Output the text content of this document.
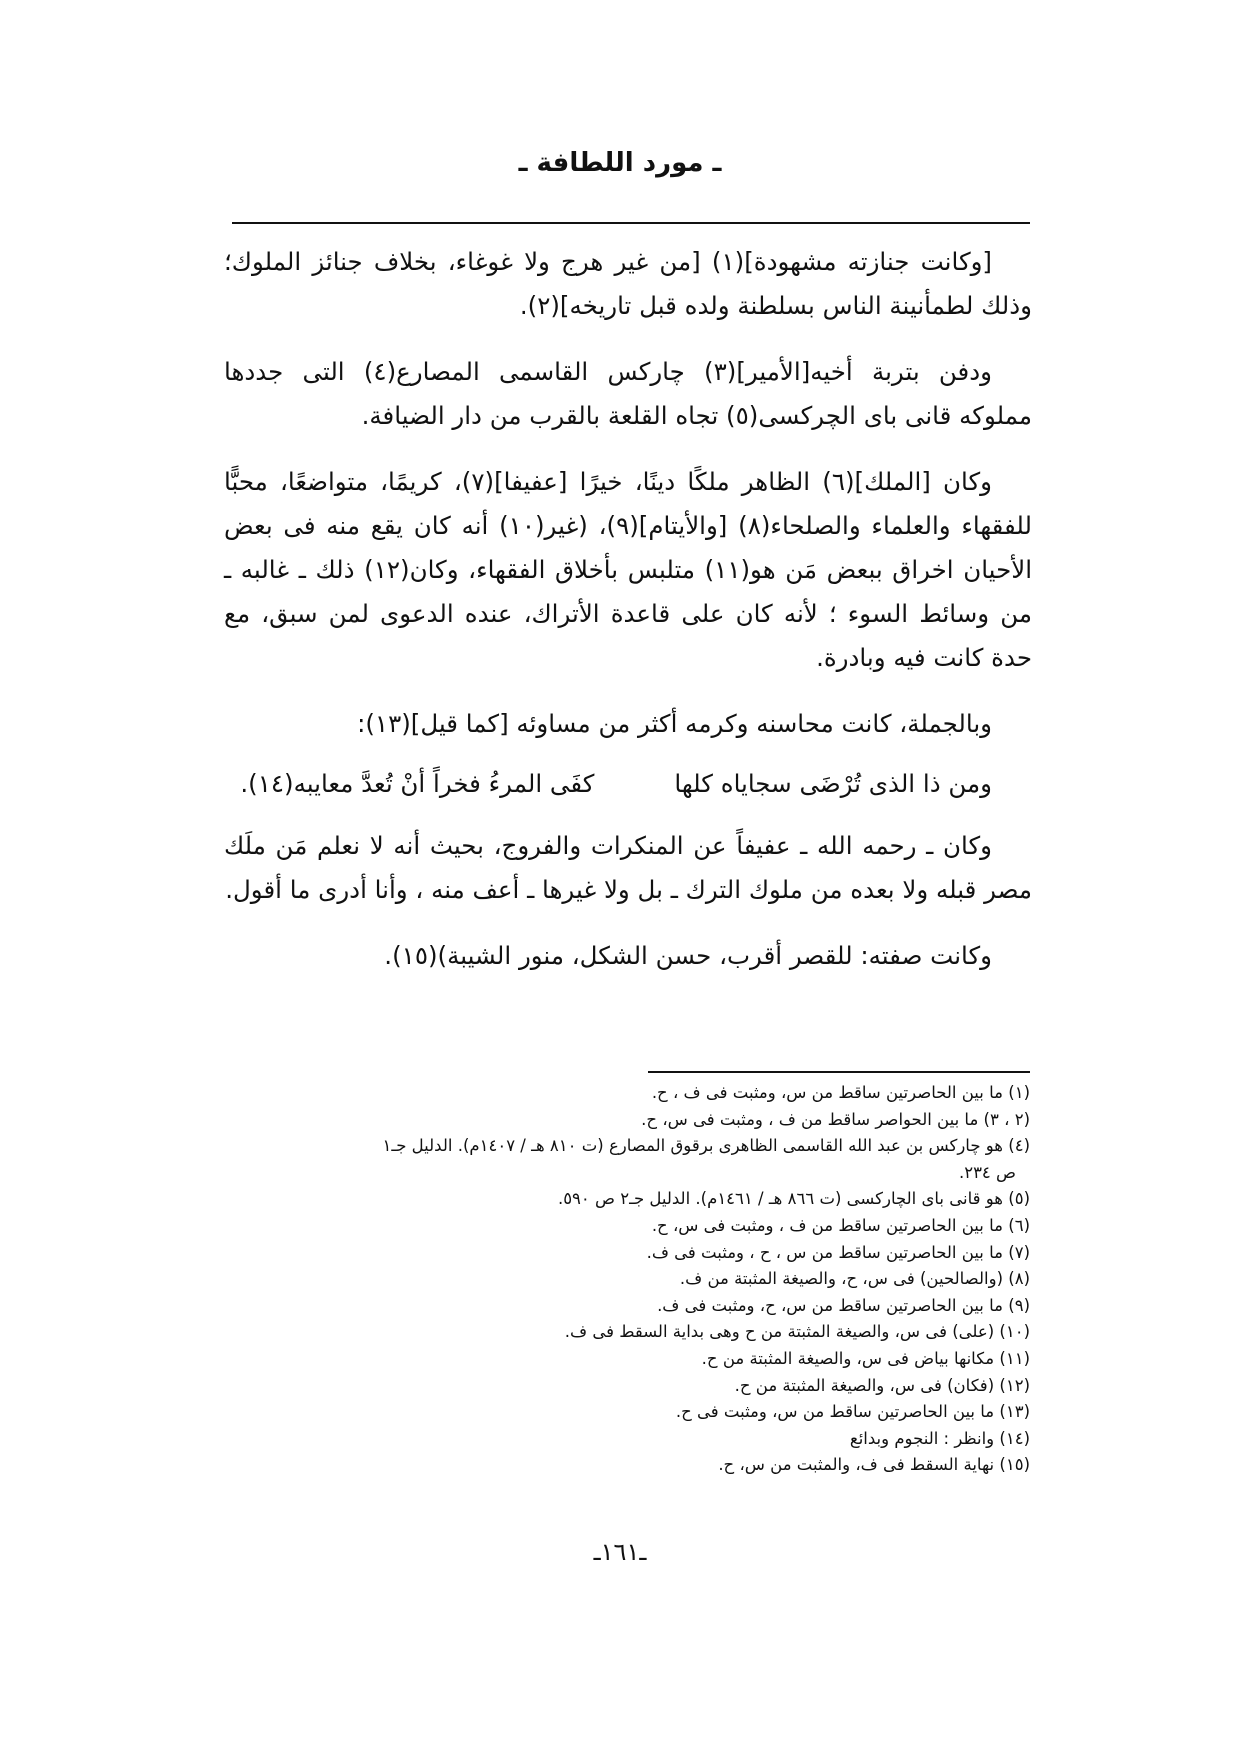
ـ مورد اللطافة ـ

[وكانت جنازته مشهودة](١) [من غير هرج ولا غوغاء، بخلاف جنائز الملوك؛ وذلك لطمأنينة الناس بسلطنة ولده قبل تاريخه](٢).

ودفن بتربة أخيه[الأمير](٣) چاركس القاسمى المصارع(٤) التى جددها مملوكه قانى باى الچركسى(٥) تجاه القلعة بالقرب من دار الضيافة.

وكان [الملك](٦) الظاهر ملكًا دينًا، خيرًا [عفيفا](٧)، كريمًا، متواضعًا، محبًّا للفقهاء والعلماء والصلحاء(٨) [والأيتام](٩)، (غير(١٠) أنه كان يقع منه فى بعض الأحيان اخراق ببعض مَن هو(١١) متلبس بأخلاق الفقهاء، وكان(١٢) ذلك ـ غالبه ـ من وسائط السوء ؛ لأنه كان على قاعدة الأتراك، عنده الدعوى لمن سبق، مع حدة كانت فيه وبادرة.

وبالجملة، كانت محاسنه وكرمه أكثر من مساوئه [كما قيل](١٣):

ومن ذا الذى تُرْضَى سجاياه كلها
كفَى المرءُ فخراً أنْ تُعدَّ معايبه(١٤).

وكان ـ رحمه الله ـ عفيفاً عن المنكرات والفروج، بحيث أنه لا نعلم مَن ملَك مصر قبله ولا بعده من ملوك الترك ـ بل ولا غيرها ـ أعف منه ، وأنا أدرى ما أقول.

وكانت صفته: للقصر أقرب، حسن الشكل، منور الشيبة)(١٥).

(١) ما بين الحاصرتين ساقط من س، ومثبت فى ف ، ح.
(٢ ، ٣) ما بين الحواصر ساقط من ف ، ومثبت فى س، ح.
(٤) هو چاركس بن عبد الله القاسمى الظاهرى برقوق المصارع (ت ٨١٠ هـ / ١٤٠٧م). الدليل جـ١
ص ٢٣٤.
(٥) هو قانى باى الچاركسى (ت ٨٦٦ هـ / ١٤٦١م). الدليل جـ٢ ص ٥٩٠.
(٦) ما بين الحاصرتين ساقط من ف ، ومثبت فى س، ح.
(٧) ما بين الحاصرتين ساقط من س ، ح ، ومثبت فى ف.
(٨) (والصالحين) فى س، ح، والصيغة المثبتة من ف.
(٩) ما بين الحاصرتين ساقط من س، ح، ومثبت فى ف.
(١٠) (على) فى س، والصيغة المثبتة من ح وهى بداية السقط فى ف.
(١١) مكانها بياض فى س، والصيغة المثبتة من ح.
(١٢) (فكان) فى س، والصيغة المثبتة من ح.
(١٣) ما بين الحاصرتين ساقط من س، ومثبت فى ح.
(١٤) وانظر : النجوم وبدائع
(١٥) نهاية السقط فى ف، والمثبت من س، ح.
ـ١٦١ـ
